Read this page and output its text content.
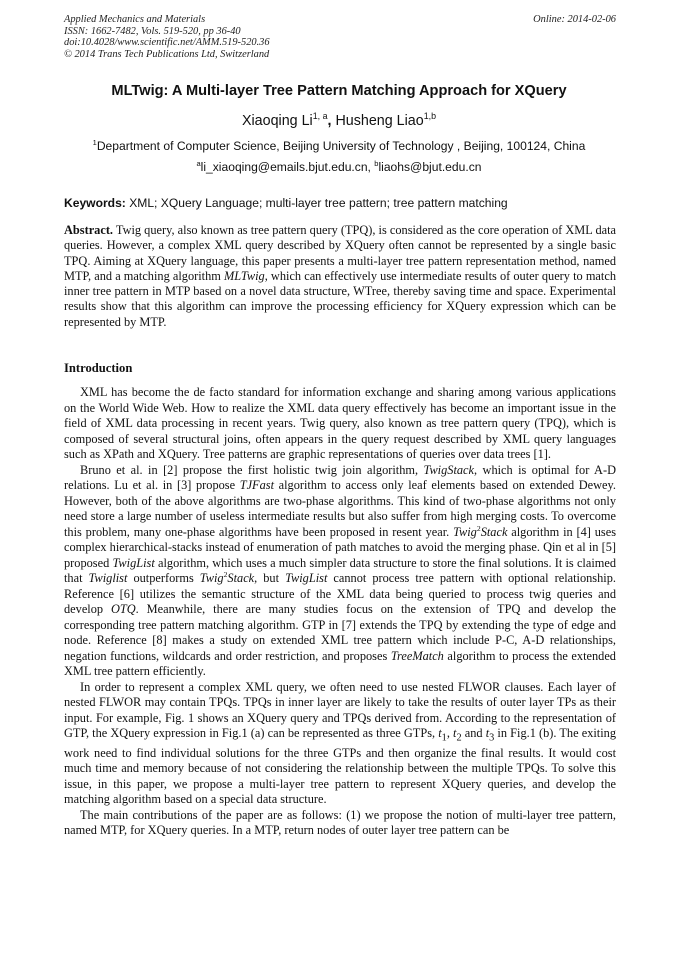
Applied Mechanics and Materials
ISSN: 1662-7482, Vols. 519-520, pp 36-40
doi:10.4028/www.scientific.net/AMM.519-520.36
© 2014 Trans Tech Publications Ltd, Switzerland
Online: 2014-02-06
MLTwig: A Multi-layer Tree Pattern Matching Approach for XQuery
Xiaoqing Li$^{1, a}$, Husheng Liao$^{1,b}$
$^1$Department of Computer Science, Beijing University of Technology , Beijing, 100124, China
$^a$li_xiaoqing@emails.bjut.edu.cn, $^b$liaohs@bjut.edu.cn
Keywords: XML; XQuery Language; multi-layer tree pattern; tree pattern matching
Abstract. Twig query, also known as tree pattern query (TPQ), is considered as the core operation of XML data queries. However, a complex XML query described by XQuery often cannot be represented by a single basic TPQ. Aiming at XQuery language, this paper presents a multi-layer tree pattern representation method, named MTP, and a matching algorithm MLTwig, which can effectively use intermediate results of outer query to match inner tree pattern in MTP based on a novel data structure, WTree, thereby saving time and space. Experimental results show that this algorithm can improve the processing efficiency for XQuery expression which can be represented by MTP.
Introduction

XML has become the de facto standard for information exchange and sharing among various applications on the World Wide Web. How to realize the XML data query effectively has become an important issue in the field of XML data processing in recent years. Twig query, also known as tree pattern query (TPQ), which is composed of several structural joins, often appears in the query request described by XML query languages such as XPath and XQuery. Tree patterns are graphic representations of queries over data trees [1].

Bruno et al. in [2] propose the first holistic twig join algorithm, TwigStack, which is optimal for A-D relations. Lu et al. in [3] propose TJFast algorithm to access only leaf elements based on extended Dewey. However, both of the above algorithms are two-phase algorithms. This kind of two-phase algorithms not only need store a large number of useless intermediate results but also suffer from high merging costs. To overcome this problem, many one-phase algorithms have been proposed in resent year. Twig$^2$Stack algorithm in [4] uses complex hierarchical-stacks instead of enumeration of path matches to avoid the merging phase. Qin et al in [5] proposed TwigList algorithm, which uses a much simpler data structure to store the final solutions. It is claimed that Twiglist outperforms Twig$^2$Stack, but TwigList cannot process tree pattern with optional relationship. Reference [6] utilizes the semantic structure of the XML data being queried to process twig queries and develop OTQ. Meanwhile, there are many studies focus on the extension of TPQ and develop the corresponding tree pattern matching algorithm. GTP in [7] extends the TPQ by extending the type of edge and node. Reference [8] makes a study on extended XML tree pattern which include P-C, A-D relationships, negation functions, wildcards and order restriction, and proposes TreeMatch algorithm to process the extended XML tree pattern efficiently.

In order to represent a complex XML query, we often need to use nested FLWOR clauses. Each layer of nested FLWOR may contain TPQs. TPQs in inner layer are likely to take the results of outer layer TPs as their input. For example, Fig. 1 shows an XQuery query and TPQs derived from. According to the representation of GTP, the XQuery expression in Fig.1 (a) can be represented as three GTPs, $t_1$, $t_2$ and $t_3$ in Fig.1 (b). The exiting work need to find individual solutions for the three GTPs and then organize the final results. It would cost much time and memory because of not considering the relationship between the multiple TPQs. To solve this issue, in this paper, we propose a multi-layer tree pattern to represent XQuery queries, and develop the matching algorithm based on a special data structure.

The main contributions of the paper are as follows: (1) we propose the notion of multi-layer tree pattern, named MTP, for XQuery queries. In a MTP, return nodes of outer layer tree pattern can be
